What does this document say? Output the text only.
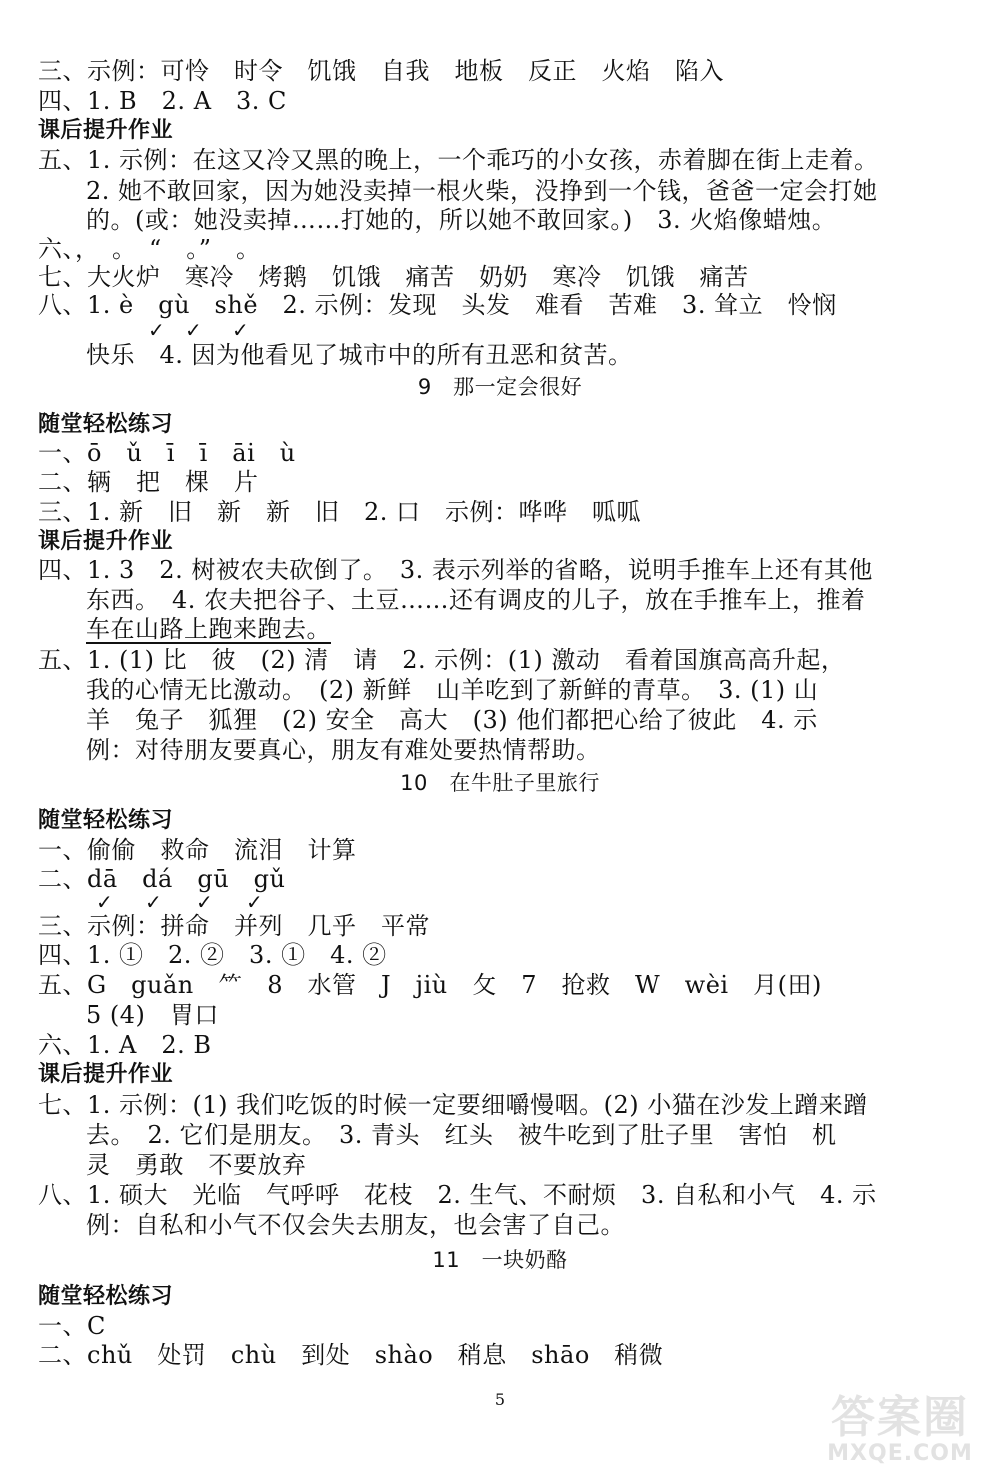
三、示例：可怜　时令　饥饿　自我　地板　反正　火焰　陷入
四、1. B　2. A　3. C
课后提升作业
五、1. 示例：在这又冷又黑的晚上，一个乖巧的小女孩，赤着脚在街上走着。
2. 她不敢回家，因为她没卖掉一根火柴，没挣到一个钱，爸爸一定会打她
的。(或：她没卖掉……打她的，所以她不敢回家。)　3. 火焰像蜡烛。
六、，　。　“　。”　。
七、大火炉　寒冷　烤鹅　饥饿　痛苦　奶奶　寒冷　饥饿　痛苦
八、1. è　gù　shě　2. 示例：发现　头发　难看　苦难　3. 耸立　怜悯
✓ ✓ ✓
快乐　4. 因为他看见了城市中的所有丑恶和贫苦。
9　那一定会很好
随堂轻松练习
一、ō　ǔ　ī　ī　āi　ù
二、辆　把　棵　片
三、1. 新　旧　新　新　旧　2. 口　示例：哗哗　呱呱
课后提升作业
四、1. 3　2. 树被农夫砍倒了。　3. 表示列举的省略，说明手推车上还有其他
东西。　4. 农夫把谷子、土豆……还有调皮的儿子，放在手推车上，推着
车在山路上跑来跑去。
五、1. (1) 比　彼　(2) 清　请　2. 示例：(1) 激动　看着国旗高高升起，
我的心情无比激动。　(2) 新鲜　山羊吃到了新鲜的青草。　3. (1) 山
羊　兔子　狐狸　(2) 安全　高大　(3) 他们都把心给了彼此　4. 示
例：对待朋友要真心，朋友有难处要热情帮助。
10　在牛肚子里旅行
随堂轻松练习
一、偷偷　救命　流泪　计算
二、dā　dá　gū　gǔ
✓ ✓ ✓ ✓
三、示例：拼命　并列　几乎　平常
四、1. ①　2. ②　3. ①　4. ②
五、G　guǎn　⺮　8　水管　J　jiù　攵　7　抢救　W　wèi　月(田)
5 (4)　胃口
六、1. A　2. B
课后提升作业
七、1. 示例：(1) 我们吃饭的时候一定要细嚼慢咽。(2) 小猫在沙发上蹭来蹭
去。　2. 它们是朋友。　3. 青头　红头　被牛吃到了肚子里　害怕　机
灵　勇敢　不要放弃
八、1. 硕大　光临　气呼呼　花枝　2. 生气、不耐烦　3. 自私和小气　4. 示
例：自私和小气不仅会失去朋友，也会害了自己。
11　一块奶酪
随堂轻松练习
一、C
二、chǔ　处罚　chù　到处　shào　稍息　shāo　稍微
5	答案圈
MXQE.COM
